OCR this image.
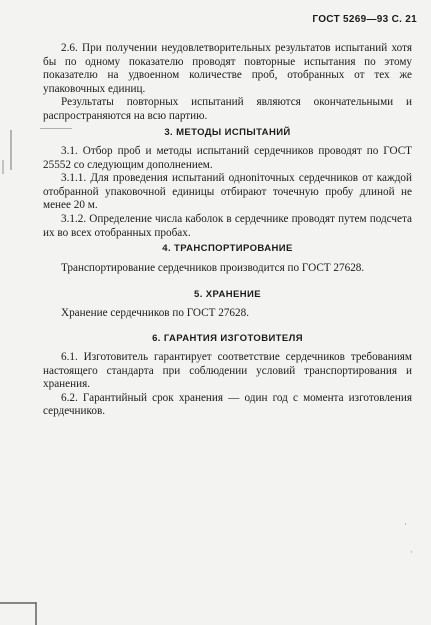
ГОСТ 5269—93 С. 21

2.6. При получении неудовлетворительных результатов испытаний хотя бы по одному показателю проводят повторные испытания по этому показателю на удвоенном количестве проб, отобранных от тех же упаковочных единиц.

Результаты повторных испытаний являются окончательными и распространяются на всю партию.

3. МЕТОДЫ ИСПЫТАНИЙ

3.1. Отбор проб и методы испытаний сердечников проводят по ГОСТ 25552 со следующим дополнением.

3.1.1. Для проведения испытаний одноniточных сердечников от каждой отобранной упаковочной единицы отбирают точечную пробу длиной не менее 20 м.

3.1.2. Определение числа каболок в сердечнике проводят путем подсчета их во всех отобранных пробах.

4. ТРАНСПОРТИРОВАНИЕ

Транспортирование сердечников производится по ГОСТ 27628.

5. ХРАНЕНИЕ

Хранение сердечников по ГОСТ 27628.

6. ГАРАНТИЯ ИЗГОТОВИТЕЛЯ

6.1. Изготовитель гарантирует соответствие сердечников требованиям настоящего стандарта при соблюдении условий транспортирования и хранения.

6.2. Гарантийный срок хранения — один год с момента изготовления сердечников.

·
·
